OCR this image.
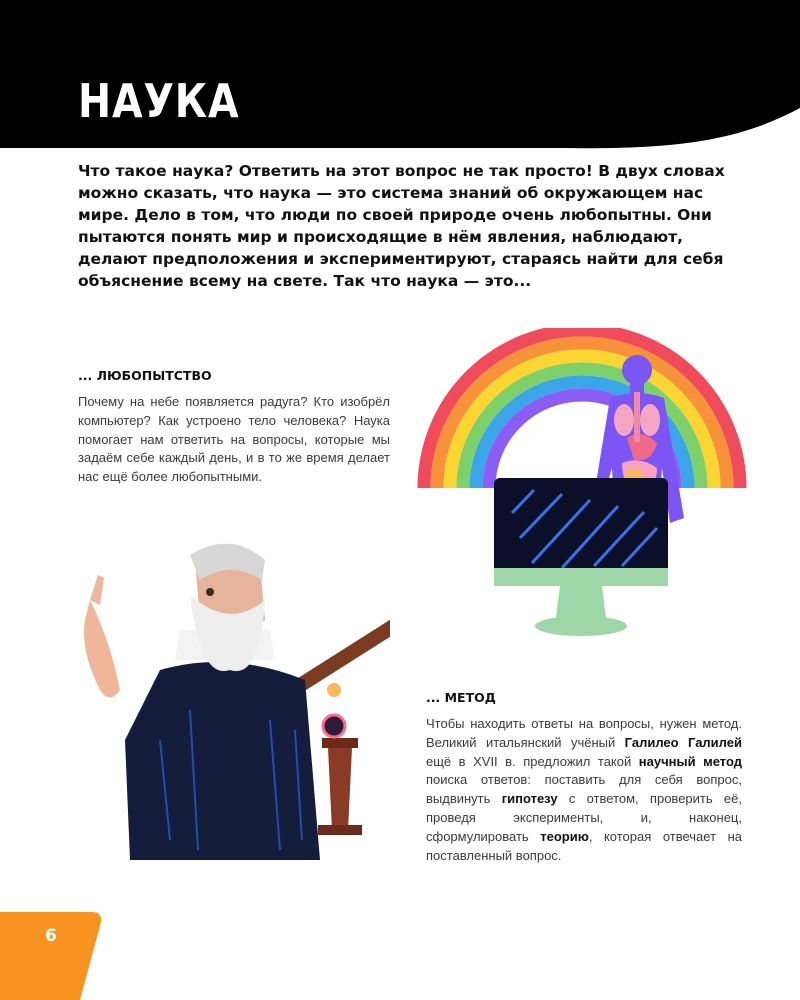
НАУКА

Что такое наука? Ответить на этот вопрос не так просто! В двух словах можно сказать, что наука — это система знаний об окружающем нас мире. Дело в том, что люди по своей природе очень любопытны. Они пытаются понять мир и происходящие в нём явления, наблюдают, делают предположения и экспериментируют, стараясь найти для себя объяснение всему на свете. Так что наука — это...

... ЛЮБОПЫТСТВО

Почему на небе появляется радуга? Кто изобрёл компьютер? Как устроено тело человека? Наука помогает нам ответить на вопросы, которые мы задаём себе каждый день, и в то же время делает нас ещё более любопытными.

... МЕТОД

Чтобы находить ответы на вопросы, нужен метод. Великий итальянский учёный Галилео Галилей ещё в XVII в. предложил такой научный метод поиска ответов: поставить для себя вопрос, выдвинуть гипотезу с ответом, проверить её, проведя эксперименты, и, наконец, сформулировать теорию, которая отвечает на поставленный вопрос.

6
